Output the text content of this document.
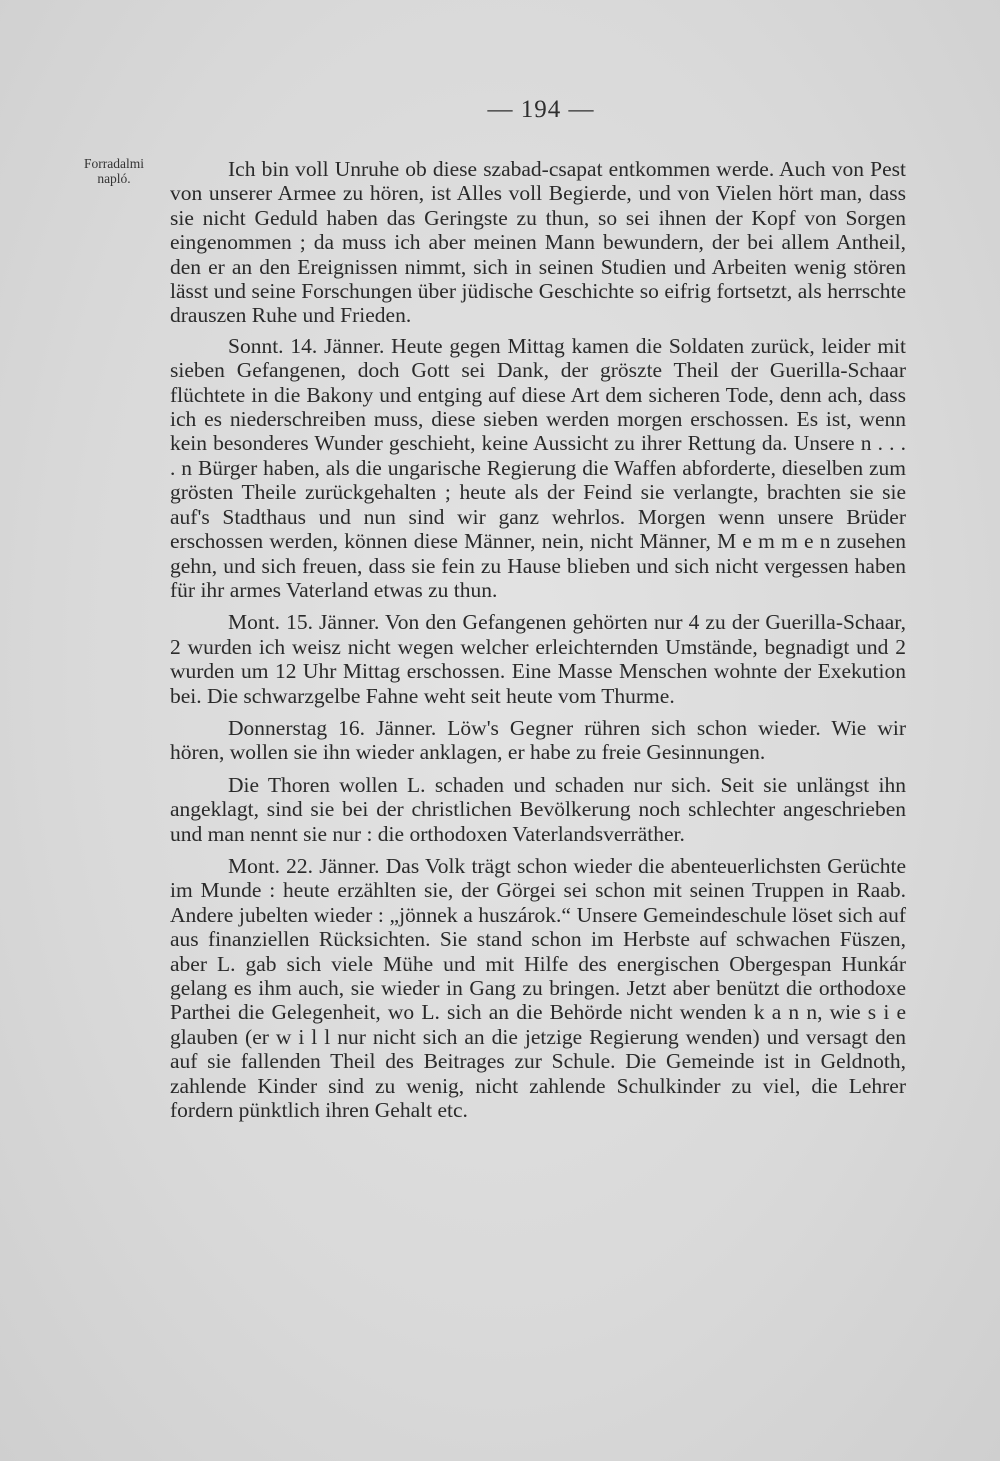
— 194 —
Forradalmi
napló.	Ich bin voll Unruhe ob diese szabad-csapat entkommen werde. Auch von Pest von unserer Armee zu hören, ist Alles voll Begierde, und von Vielen hört man, dass sie nicht Geduld haben das Geringste zu thun, so sei ihnen der Kopf von Sorgen eingenommen ; da muss ich aber meinen Mann bewundern, der bei allem Antheil, den er an den Ereignissen nimmt, sich in seinen Studien und Arbeiten wenig stören lässt und seine Forschungen über jüdische Geschichte so eifrig fortsetzt, als herrschte drauszen Ruhe und Frieden.

Sonnt. 14. Jänner. Heute gegen Mittag kamen die Soldaten zurück, leider mit sieben Gefangenen, doch Gott sei Dank, der gröszte Theil der Guerilla-Schaar flüchtete in die Bakony und entging auf diese Art dem sicheren Tode, denn ach, dass ich es niederschreiben muss, diese sieben werden morgen erschossen. Es ist, wenn kein besonderes Wunder geschieht, keine Aussicht zu ihrer Rettung da. Unsere n . . . . n Bürger haben, als die ungarische Regierung die Waffen abforderte, dieselben zum grösten Theile zurückgehalten ; heute als der Feind sie verlangte, brachten sie sie auf's Stadthaus und nun sind wir ganz wehrlos. Morgen wenn unsere Brüder erschossen werden, können diese Männer, nein, nicht Männer, M e m m e n zusehen gehn, und sich freuen, dass sie fein zu Hause blieben und sich nicht vergessen haben für ihr armes Vaterland etwas zu thun.

Mont. 15. Jänner. Von den Gefangenen gehörten nur 4 zu der Guerilla-Schaar, 2 wurden ich weisz nicht wegen welcher erleichternden Umstände, begnadigt und 2 wurden um 12 Uhr Mittag erschossen. Eine Masse Menschen wohnte der Exekution bei. Die schwarzgelbe Fahne weht seit heute vom Thurme.

Donnerstag 16. Jänner. Löw's Gegner rühren sich schon wieder. Wie wir hören, wollen sie ihn wieder anklagen, er habe zu freie Gesinnungen.

Die Thoren wollen L. schaden und schaden nur sich. Seit sie unlängst ihn angeklagt, sind sie bei der christlichen Bevölkerung noch schlechter angeschrieben und man nennt sie nur : die orthodoxen Vaterlandsverräther.

Mont. 22. Jänner. Das Volk trägt schon wieder die abenteuerlichsten Gerüchte im Munde : heute erzählten sie, der Görgei sei schon mit seinen Truppen in Raab. Andere jubelten wieder : „jönnek a huszárok.“ Unsere Gemeindeschule löset sich auf aus finanziellen Rücksichten. Sie stand schon im Herbste auf schwachen Füszen, aber L. gab sich viele Mühe und mit Hilfe des energischen Obergespan Hunkár gelang es ihm auch, sie wieder in Gang zu bringen. Jetzt aber benützt die orthodoxe Parthei die Gelegenheit, wo L. sich an die Behörde nicht wenden k a n n, wie s i e glauben (er w i l l nur nicht sich an die jetzige Regierung wenden) und versagt den auf sie fallenden Theil des Beitrages zur Schule. Die Gemeinde ist in Geldnoth, zahlende Kinder sind zu wenig, nicht zahlende Schulkinder zu viel, die Lehrer fordern pünktlich ihren Gehalt etc.
